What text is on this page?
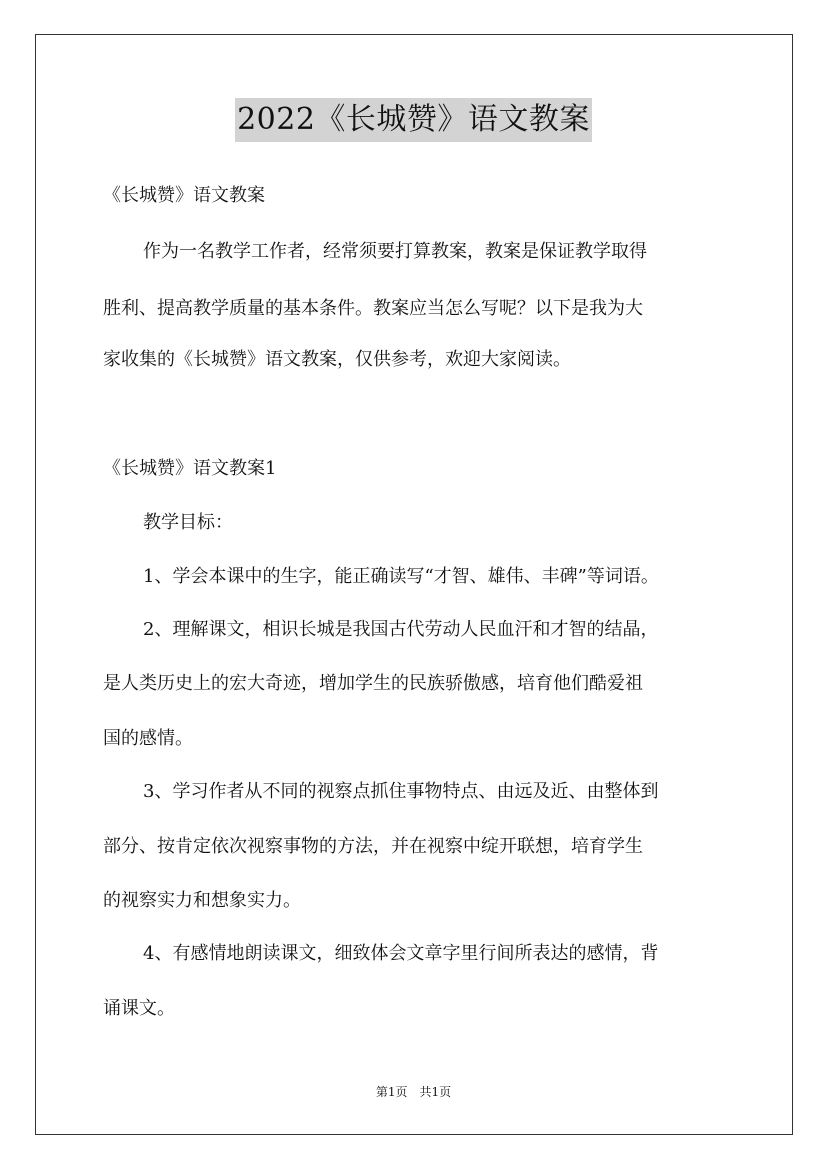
2022《长城赞》语文教案
《长城赞》语文教案
作为一名教学工作者，经常须要打算教案，教案是保证教学取得
胜利、提高教学质量的基本条件。教案应当怎么写呢？以下是我为大
家收集的《长城赞》语文教案，仅供参考，欢迎大家阅读。
《长城赞》语文教案1
教学目标：
1、学会本课中的生字，能正确读写“才智、雄伟、丰碑”等词语。
2、理解课文，相识长城是我国古代劳动人民血汗和才智的结晶，
是人类历史上的宏大奇迹，增加学生的民族骄傲感，培育他们酷爱祖
国的感情。
3、学习作者从不同的视察点抓住事物特点、由远及近、由整体到
部分、按肯定依次视察事物的方法，并在视察中绽开联想，培育学生
的视察实力和想象实力。
4、有感情地朗读课文，细致体会文章字里行间所表达的感情，背
诵课文。
第1页　共1页
